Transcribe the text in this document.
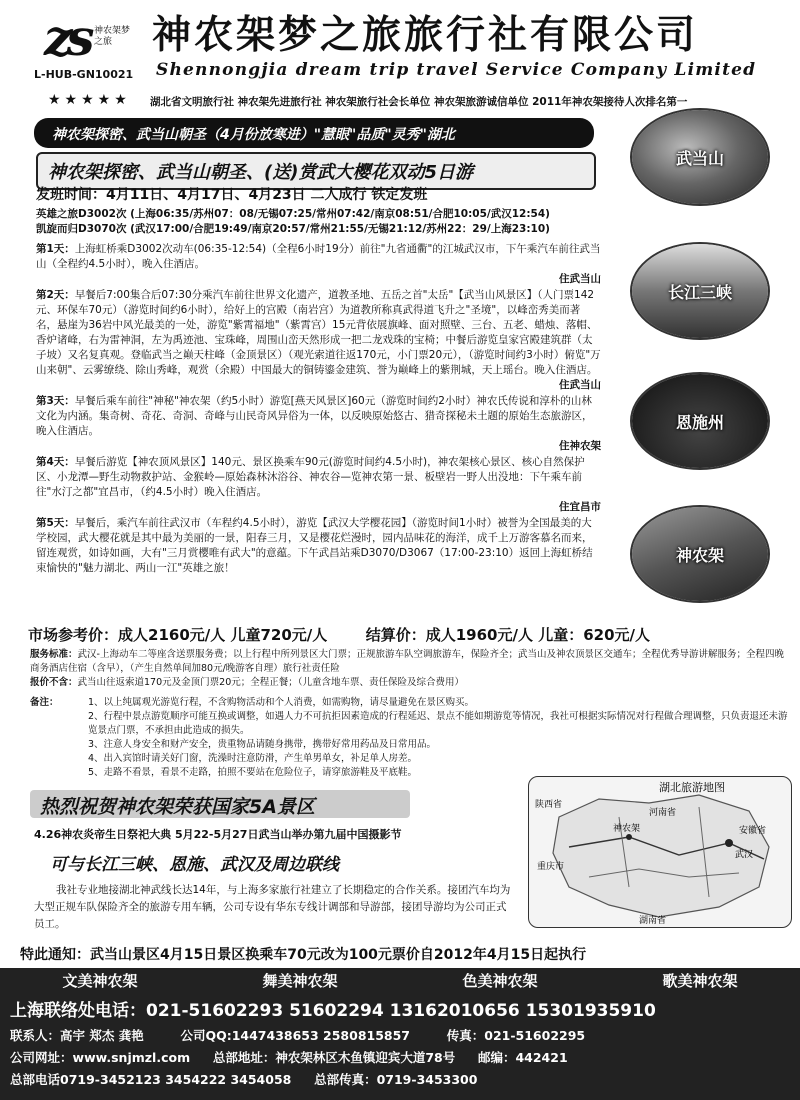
zs 神农架梦之旅
L-HUB-GN10021
★★★★★
神农架梦之旅旅行社有限公司
Shennongjia dream trip travel Service Company Limited
湖北省文明旅行社 神农架先进旅行社 神农架旅行社会长单位 神农架旅游诚信单位 2011年神农架接待人次排名第一
神农架探密、武当山朝圣（4月份放寒进）"慧眼"品质"灵秀"湖北
神农架探密、武当山朝圣、(送)赏武大樱花双动5日游
发班时间：4月11日、4月17日、4月23日 二人成行 铁定发班
英雄之旅D3002次 (上海06:35/苏州07：08/无锡07:25/常州07:42/南京08:51/合肥10:05/武汉12:54)
凯旋而归D3070次 (武汉17:00/合肥19:49/南京20:57/常州21:55/无锡21:12/苏州22：29/上海23:10)
武当山
长江三峡
恩施州
神农架
第1天：上海虹桥乘D3002次动车(06:35-12:54)（全程6小时19分）前往"九省通衢"的江城武汉市，下午乘汽车前往武当山（全程约4.5小时），晚入住酒店。
住武当山
第2天：早餐后7:00集合后07:30分乘汽车前往世界文化遗产，道教圣地、五岳之首"太岳"【武当山风景区】（人门票142元、环保车70元）（游览时间约6小时），给好上的宫殿（南岩宫）为道教所称真武得道飞升之"圣境"，以峰峦秀美而著名，悬崖为36岩中风光最美的一处，游览"紫霄福地"（紫霄宫）15元背依展旗峰、面对照壁、三台、五老、蜡烛、落帽、香炉诸峰，右为雷神洞，左为禹迹池、宝珠峰，周围山峦天然形成一把二龙戏珠的宝椅；中餐后游览皇家宫殿建筑群（太子坡）又名复真观。登临武当之巅天柱峰（金顶景区）（观光索道往返170元，小门票20元），（游览时间约3小时）俯览"万山来朝"、云雾缭绕、除山秀峰，观赏（余殿）中国最大的铜铸鎏金建筑、誉为巅峰上的紫荆城，天上瑶台。晚入住酒店。
住武当山
第3天：早餐后乘车前往"神秘"神农架（约5小时）游览[燕天风景区]60元（游览时间约2小时）神农氏传说和淳朴的山林文化为内涵。集奇树、奇花、奇洞、奇峰与山民奇风异俗为一体，以反映原始悠古、猎奇探秘未土题的原始生态旅游区，晚入住酒店。
住神农架
第4天：早餐后游览【神农顶风景区】140元、景区换乘车90元(游览时间约4.5小时)，神农架核心景区、核心自然保护区、小龙潭—野生动物救护站、金猴岭—原始森林沐浴谷、神农谷—览神农第一景、板壁岩一野人出没地：下午乘车前往"水汀之都"宜昌市，（约4.5小时）晚入住酒店。
住宜昌市
第5天：早餐后，乘汽车前往武汉市（车程约4.5小时），游览【武汉大学樱花园】（游览时间1小时）被誉为全国最美的大学校园，武大樱花就是其中最为美丽的一景，阳春三月，又是樱花烂漫时，园内品味花的海洋，成千上万游客慕名而来，留连观赏，如诗如画，大有"三月赏樱唯有武大"的意蕴。下午武昌站乘D3070/D3067（17:00-23:10）返回上海虹桥结束愉快的"魅力湖北、两山一江"英雄之旅！
市场参考价：成人2160元/人 儿童720元/人	结算价：成人1960元/人 儿童：620元/人
服务标准：武汉-上海动车二等座含送票服务费；以上行程中所列景区大门票；正规旅游车队空调旅游车，保险齐全；武当山及神农顶景区交通车；全程优秀导游讲解服务；全程四晚商务酒店住宿（含早），（产生自然单间加80元/晚游客自理）旅行社责任险
报价不含：武当山往返索道170元及金顶门票20元；全程正餐；（儿童含地车票、责任保险及综合费用）
备注：	1、以上纯属观光游览行程，不含购物活动和个人消费，如需购物，请尽量避免在景区购买。
2、行程中景点游览顺序可能互换或调整，如遇人力不可抗拒因素造成的行程延迟、景点不能如期游览等情况，我社可根据实际情况对行程做合理调整，只负责退还未游览景点门票，不承担由此造成的损失。
3、注意人身安全和财产安全，贵重物品请随身携带，携带好常用药品及日常用品。
4、出入宾馆时请关好门窗，洗澡时注意防滑，产生单男单女，补足单人房差。
5、走路不看景，看景不走路，拍照不要站在危险位子，请穿旅游鞋及平底鞋。
热烈祝贺神农架荣获国家5A景区
4.26神农炎帝生日祭祀大典 5月22-5月27日武当山举办第九届中国摄影节
可与长江三峡、恩施、武汉及周边联线
我社专业地接湖北神武线长达14年，与上海多家旅行社建立了长期稳定的合作关系。接团汽车均为大型正规车队保险齐全的旅游专用车辆，公司专设有华东专线计调部和导游部，接团导游均为公司正式员工。
湖北旅游地图
陕西省
河南省
安徽省
重庆市
湖南省
神农架
武汉
特此通知：武当山景区4月15日景区换乘车70元改为100元票价自2012年4月15日起执行
文美神农架	舞美神农架	色美神农架	歌美神农架
上海联络处电话：021-51602293 51602294 13162010656 15301935910
联系人：高宇 郑杰 龚艳	公司QQ:1447438653 2580815857	传真：021-51602295
公司网址：www.snjmzl.com 总部地址：神农架林区木鱼镇迎宾大道78号 邮编：442421
总部电话0719-3452123 3454222 3454058 总部传真：0719-3453300
